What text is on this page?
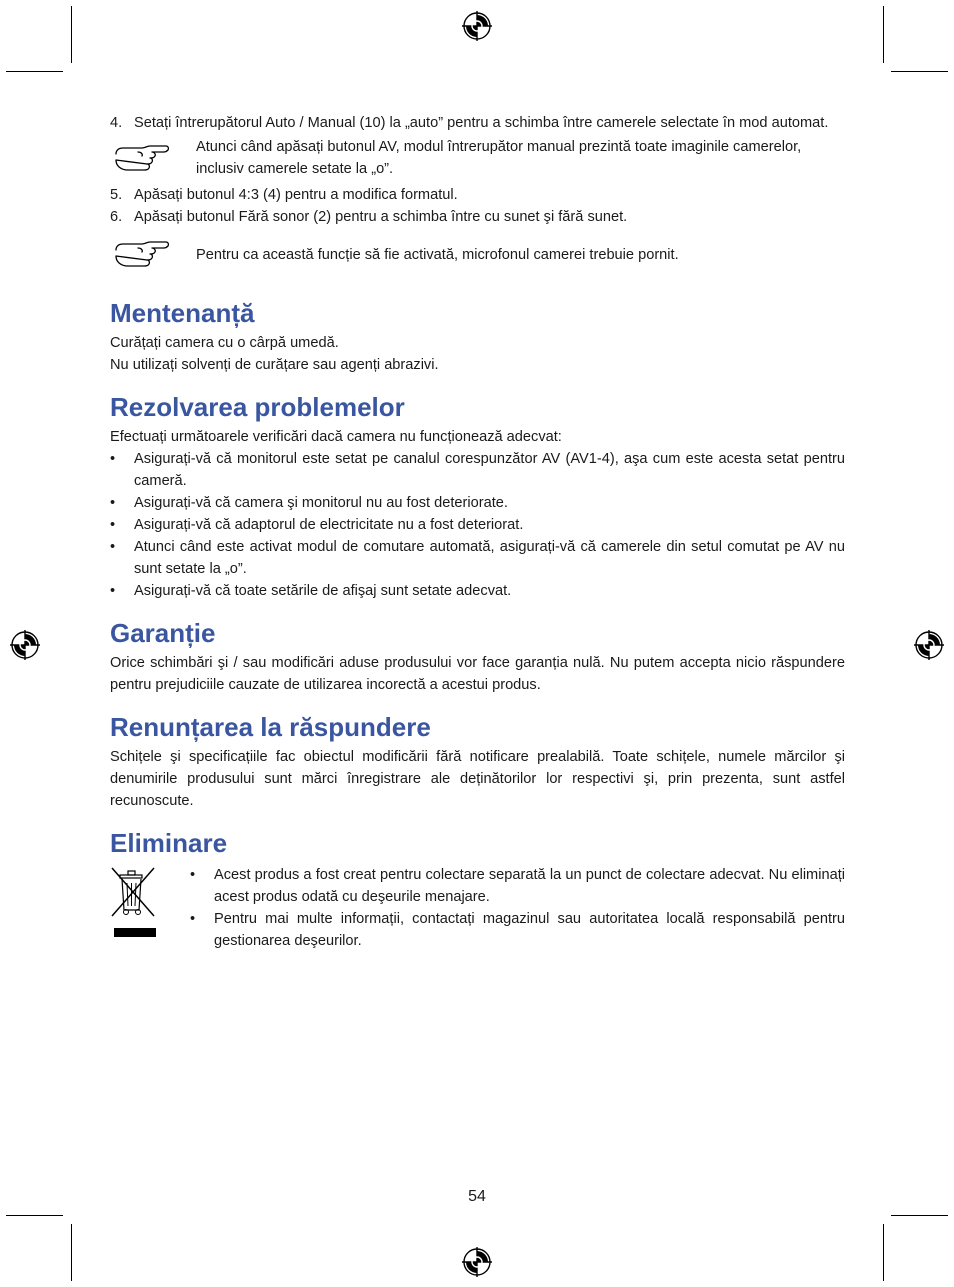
4. Setați întrerupătorul Auto / Manual (10) la „auto” pentru a schimba între camerele selectate în mod automat.
Atunci când apăsați butonul AV, modul întrerupător manual prezintă toate imaginile camerelor, inclusiv camerele setate la „o”.
5. Apăsați butonul 4:3 (4) pentru a modifica formatul.
6. Apăsați butonul Fără sonor (2) pentru a schimba între cu sunet şi fără sunet.
Pentru ca această funcție să fie activată, microfonul camerei trebuie pornit.
Mentenanță

Curățați camera cu o cârpă umedă.

Nu utilizați solvenți de curățare sau agenți abrazivi.

Rezolvarea problemelor

Efectuați următoarele verificări dacă camera nu funcționează adecvat:

• Asigurați-vă că monitorul este setat pe canalul corespunzător AV (AV1-4), aşa cum este acesta setat pentru cameră.
• Asigurați-vă că camera şi monitorul nu au fost deteriorate.
• Asigurați-vă că adaptorul de electricitate nu a fost deteriorat.
• Atunci când este activat modul de comutare automată, asigurați-vă că camerele din setul comutat pe AV nu sunt setate la „o”.
• Asigurați-vă că toate setările de afişaj sunt setate adecvat.
Garanție

Orice schimbări şi / sau modificări aduse produsului vor face garanția nulă. Nu putem accepta nicio răspundere pentru prejudiciile cauzate de utilizarea incorectă a acestui produs.

Renunțarea la răspundere

Schițele şi specificațiile fac obiectul modificării fără notificare prealabilă. Toate schițele, numele mărcilor şi denumirile produsului sunt mărci înregistrare ale deținătorilor lor respectivi şi, prin prezenta, sunt astfel recunoscute.

Eliminare
• Acest produs a fost creat pentru colectare separată la un punct de colectare adecvat. Nu eliminați acest produs odată cu deşeurile menajare.
• Pentru mai multe informații, contactați magazinul sau autoritatea locală responsabilă pentru gestionarea deşeurilor.
54
